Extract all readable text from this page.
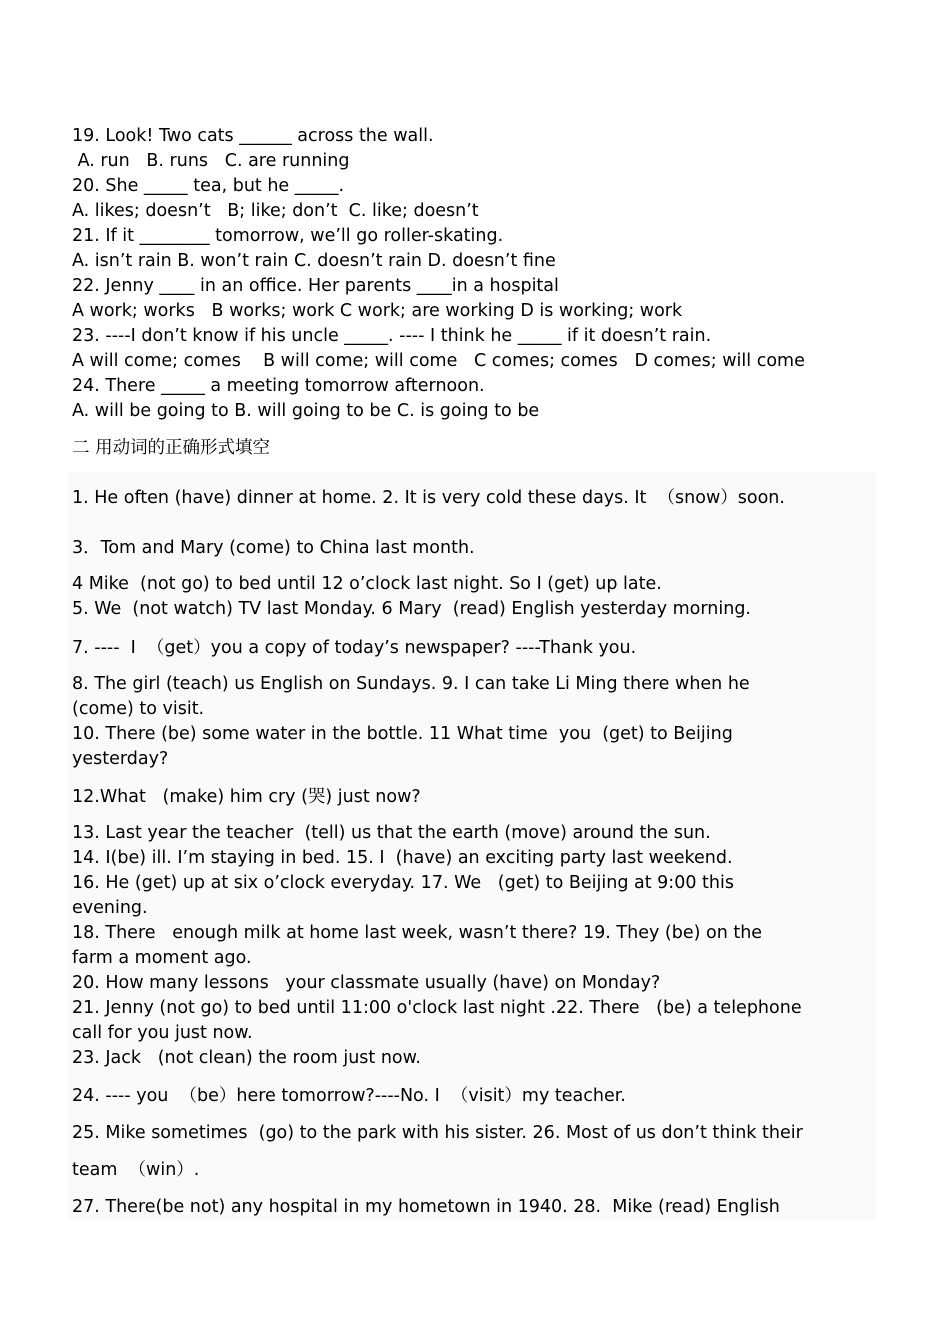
19. Look! Two cats ______ across the wall.
A. run   B. runs   C. are running
20. She _____ tea, but he _____.
A. likes; doesn’t   B; like; don’t  C. like; doesn’t
21. If it ________ tomorrow, we’ll go roller-skating.
A. isn’t rain B. won’t rain C. doesn’t rain D. doesn’t fine
22. Jenny ____ in an office. Her parents ____in a hospital
A work; works   B works; work C work; are working D is working; work
23. ----I don’t know if his uncle _____. ---- I think he _____ if it doesn’t rain.
A will come; comes    B will come; will come   C comes; comes   D comes; will come
24. There _____ a meeting tomorrow afternoon.
A. will be going to B. will going to be C. is going to be
二 用动词的正确形式填空
1. He often (have) dinner at home. 2. It is very cold these days. It  （snow）soon.
3．Tom and Mary (come) to China last month.
4 Mike  (not go) to bed until 12 o’clock last night. So I (get) up late.
5. We  (not watch) TV last Monday. 6 Mary  (read) English yesterday morning.
7. ----  I  （get）you a copy of today’s newspaper? ----Thank you.
8. The girl (teach) us English on Sundays. 9. I can take Li Ming there when he
(come) to visit.
10. There (be) some water in the bottle. 11 What time  you  (get) to Beijing
yesterday?
12.What   (make) him cry (哭) just now?
13. Last year the teacher  (tell) us that the earth (move) around the sun.
14. I(be) ill. I’m staying in bed. 15. I  (have) an exciting party last weekend.
16. He (get) up at six o’clock everyday. 17. We   (get) to Beijing at 9:00 this
evening.
18. There   enough milk at home last week, wasn’t there? 19. They (be) on the
farm a moment ago.
20. How many lessons   your classmate usually (have) on Monday?
21. Jenny (not go) to bed until 11:00 o'clock last night .22. There   (be) a telephone
call for you just now.
23. Jack   (not clean) the room just now.
24. ---- you  （be）here tomorrow?----No. I  （visit）my teacher.
25. Mike sometimes  (go) to the park with his sister. 26. Most of us don’t think their
team  （win）.
27. There(be not) any hospital in my hometown in 1940. 28.  Mike (read) English
